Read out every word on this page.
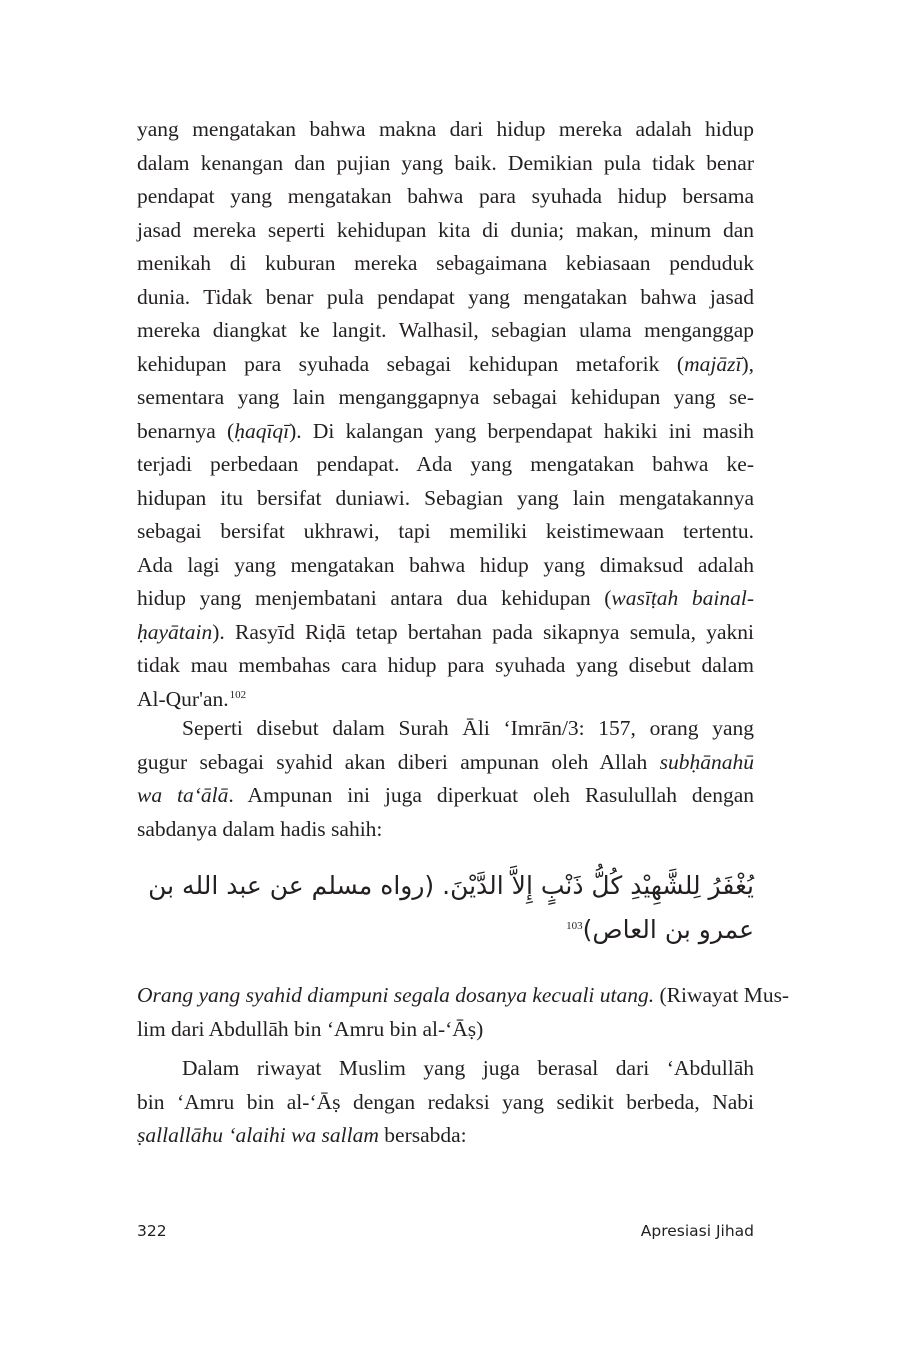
yang mengatakan bahwa makna dari hidup mereka adalah hidup
dalam kenangan dan pujian yang baik. Demikian pula tidak benar
pendapat yang mengatakan bahwa para syuhada hidup bersama
jasad mereka seperti kehidupan kita di dunia; makan, minum dan
menikah di kuburan mereka sebagaimana kebiasaan penduduk
dunia. Tidak benar pula pendapat yang mengatakan bahwa jasad
mereka diangkat ke langit. Walhasil, sebagian ulama menganggap
kehidupan para syuhada sebagai kehidupan metaforik (majāzī),
sementara yang lain menganggapnya sebagai kehidupan yang se-
benarnya (ḥaqīqī). Di kalangan yang berpendapat hakiki ini masih
terjadi perbedaan pendapat. Ada yang mengatakan bahwa ke-
hidupan itu bersifat duniawi. Sebagian yang lain mengatakannya
sebagai bersifat ukhrawi, tapi memiliki keistimewaan tertentu.
Ada lagi yang mengatakan bahwa hidup yang dimaksud adalah
hidup yang menjembatani antara dua kehidupan (wasīṭah bainal-
ḥayātain). Rasyīd Riḍā tetap bertahan pada sikapnya semula, yakni
tidak mau membahas cara hidup para syuhada yang disebut dalam
Al-Qur'an.$^{102}$
Seperti disebut dalam Surah Āli ‘Imrān/3: 157, orang yang
gugur sebagai syahid akan diberi ampunan oleh Allah subḥānahū
wa ta‘ālā. Ampunan ini juga diperkuat oleh Rasulullah dengan
sabdanya dalam hadis sahih:
يُغْفَرُ لِلشَّهِيْدِ كُلُّ ذَنْبٍ إِلاَّ الدَّيْنَ. (رواه مسلم عن عبد الله بن عمرو بن العاص)$^{103}$
Orang yang syahid diampuni segala dosanya kecuali utang. (Riwayat Mus-
lim dari Abdullāh bin ‘Amru bin al-‘Āṣ)
Dalam riwayat Muslim yang juga berasal dari ‘Abdullāh
bin ‘Amru bin al-‘Āṣ dengan redaksi yang sedikit berbeda, Nabi
ṣallallāhu ‘alaihi wa sallam bersabda:
322	Apresiasi Jihad
